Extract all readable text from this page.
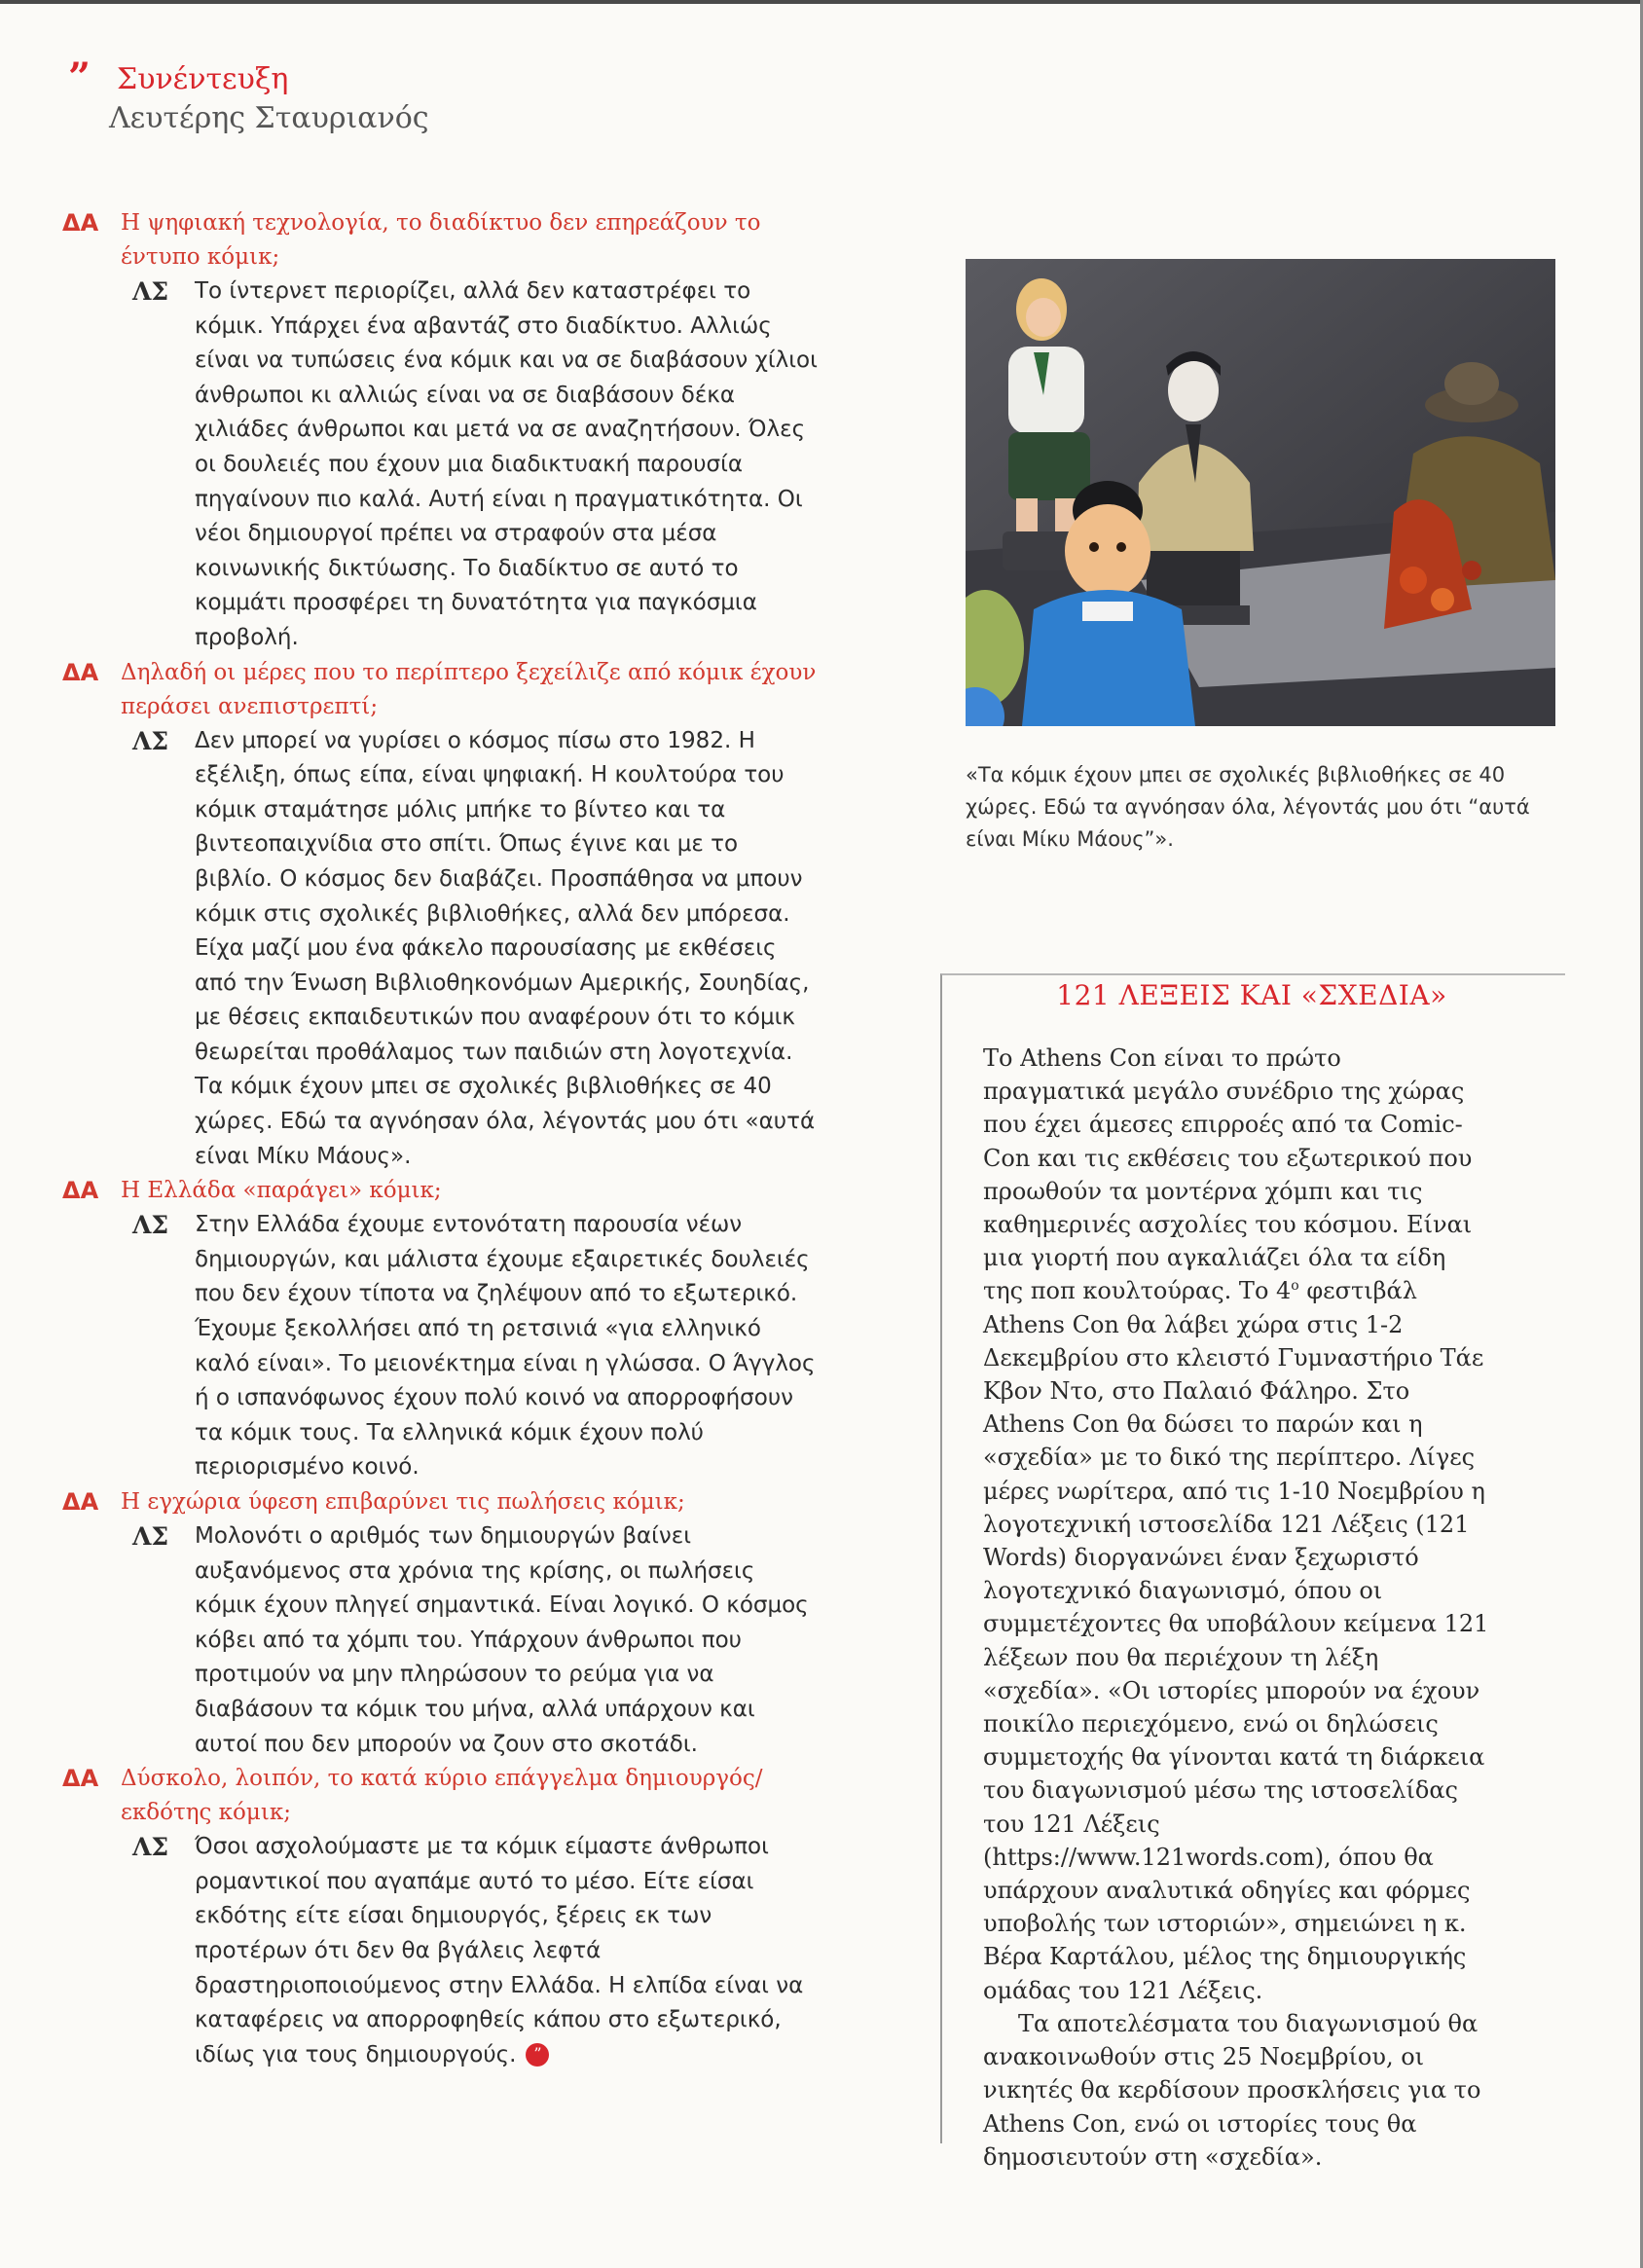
” Συνέντευξη
Λευτέρης Σταυριανός
ΔΑ Η ψηφιακή τεχνολογία, το διαδίκτυο δεν επηρεάζουν το έντυπο κόμικ;
ΛΣ Το ίντερνετ περιορίζει, αλλά δεν καταστρέφει το κόμικ. Υπάρχει ένα αβαντάζ στο διαδίκτυο. Αλλιώς είναι να τυπώσεις ένα κόμικ και να σε διαβάσουν χίλιοι άνθρωποι κι αλλιώς είναι να σε διαβάσουν δέκα χιλιάδες άνθρωποι και μετά να σε αναζητήσουν. Όλες οι δουλειές που έχουν μια διαδικτυακή παρουσία πηγαίνουν πιο καλά. Αυτή είναι η πραγματικότητα. Οι νέοι δημιουργοί πρέπει να στραφούν στα μέσα κοινωνικής δικτύωσης. Το διαδίκτυο σε αυτό το κομμάτι προσφέρει τη δυνατότητα για παγκόσμια προβολή.

ΔΑ Δηλαδή οι μέρες που το περίπτερο ξεχείλιζε από κόμικ έχουν περάσει ανεπιστρεπτί;
ΛΣ Δεν μπορεί να γυρίσει ο κόσμος πίσω στο 1982. Η εξέλιξη, όπως είπα, είναι ψηφιακή. Η κουλτούρα του κόμικ σταμάτησε μόλις μπήκε το βίντεο και τα βιντεοπαιχνίδια στο σπίτι. Όπως έγινε και με το βιβλίο. Ο κόσμος δεν διαβάζει. Προσπάθησα να μπουν κόμικ στις σχολικές βιβλιοθήκες, αλλά δεν μπόρεσα.

Είχα μαζί μου ένα φάκελο παρουσίασης με εκθέσεις από την Ένωση Βιβλιοθηκονόμων Αμερικής, Σουηδίας, με θέσεις εκπαιδευτικών που αναφέρουν ότι το κόμικ θεωρείται προθάλαμος των παιδιών στη λογοτεχνία. Τα κόμικ έχουν μπει σε σχολικές βιβλιοθήκες σε 40 χώρες. Εδώ τα αγνόησαν όλα, λέγοντάς μου ότι «αυτά είναι Μίκυ Μάους».

ΔΑ Η Ελλάδα «παράγει» κόμικ;
ΛΣ Στην Ελλάδα έχουμε εντονότατη παρουσία νέων δημιουργών, και μάλιστα έχουμε εξαιρετικές δουλειές που δεν έχουν τίποτα να ζηλέψουν από το εξωτερικό. Έχουμε ξεκολλήσει από τη ρετσινιά «για ελληνικό καλό είναι». Το μειονέκτημα είναι η γλώσσα. Ο Άγγλος ή ο ισπανόφωνος έχουν πολύ κοινό να απορροφήσουν τα κόμικ τους. Τα ελληνικά κόμικ έχουν πολύ περιορισμένο κοινό.

ΔΑ Η εγχώρια ύφεση επιβαρύνει τις πωλήσεις κόμικ;
ΛΣ Μολονότι ο αριθμός των δημιουργών βαίνει αυξανόμενος στα χρόνια της κρίσης, οι πωλήσεις κόμικ έχουν πληγεί σημαντικά. Είναι λογικό. Ο κόσμος κόβει από τα χόμπι του. Υπάρχουν άνθρωποι που προτιμούν να μην πληρώσουν το ρεύμα για να διαβάσουν τα κόμικ του μήνα, αλλά υπάρχουν και αυτοί που δεν μπορούν να ζουν στο σκοτάδι.

ΔΑ Δύσκολο, λοιπόν, το κατά κύριο επάγγελμα δημιουργός/εκδότης κόμικ;
ΛΣ Όσοι ασχολούμαστε με τα κόμικ είμαστε άνθρωποι ρομαντικοί που αγαπάμε αυτό το μέσο. Είτε είσαι εκδότης είτε είσαι δημιουργός, ξέρεις εκ των προτέρων ότι δεν θα βγάλεις λεφτά δραστηριοποιούμενος στην Ελλάδα. Η ελπίδα είναι να καταφέρεις να απορροφηθείς κάπου στο εξωτερικό, ιδίως για τους δημιουργούς. ”

«Τα κόμικ έχουν μπει σε σχολικές βιβλιοθήκες σε 40 χώρες. Εδώ τα αγνόησαν όλα, λέγοντάς μου ότι “αυτά είναι Μίκυ Μάους”».
121 ΛΕΞΕΙΣ ΚΑΙ «ΣΧΕΔΙΑ»

Το Athens Con είναι το πρώτο πραγματικά μεγάλο συνέδριο της χώρας που έχει άμεσες επιρροές από τα Comic-Con και τις εκθέσεις του εξωτερικού που προωθούν τα μοντέρνα χόμπι και τις καθημερινές ασχολίες του κόσμου. Είναι μια γιορτή που αγκαλιάζει όλα τα είδη της ποπ κουλτούρας. Το $4^o$ φεστιβάλ Athens Con θα λάβει χώρα στις 1-2 Δεκεμβρίου στο κλειστό Γυμναστήριο Τάε Κβον Ντο, στο Παλαιό Φάληρο. Στο Athens Con θα δώσει το παρών και η «σχεδία» με το δικό της περίπτερο. Λίγες μέρες νωρίτερα, από τις 1-10 Νοεμβρίου η λογοτεχνική ιστοσελίδα 121 Λέξεις (121 Words) διοργανώνει έναν ξεχωριστό λογοτεχνικό διαγωνισμό, όπου οι συμμετέχοντες θα υποβάλουν κείμενα 121 λέξεων που θα περιέχουν τη λέξη «σχεδία». «Οι ιστορίες μπορούν να έχουν ποικίλο περιεχόμενο, ενώ οι δηλώσεις συμμετοχής θα γίνονται κατά τη διάρκεια του διαγωνισμού μέσω της ιστοσελίδας του 121 Λέξεις (https://www.121words.com), όπου θα υπάρχουν αναλυτικά οδηγίες και φόρμες υποβολής των ιστοριών», σημειώνει η κ. Βέρα Καρτάλου, μέλος της δημιουργικής ομάδας του 121 Λέξεις.

Τα αποτελέσματα του διαγωνισμού θα ανακοινωθούν στις 25 Νοεμβρίου, οι νικητές θα κερδίσουν προσκλήσεις για το Athens Con, ενώ οι ιστορίες τους θα δημοσιευτούν στη «σχεδία».
